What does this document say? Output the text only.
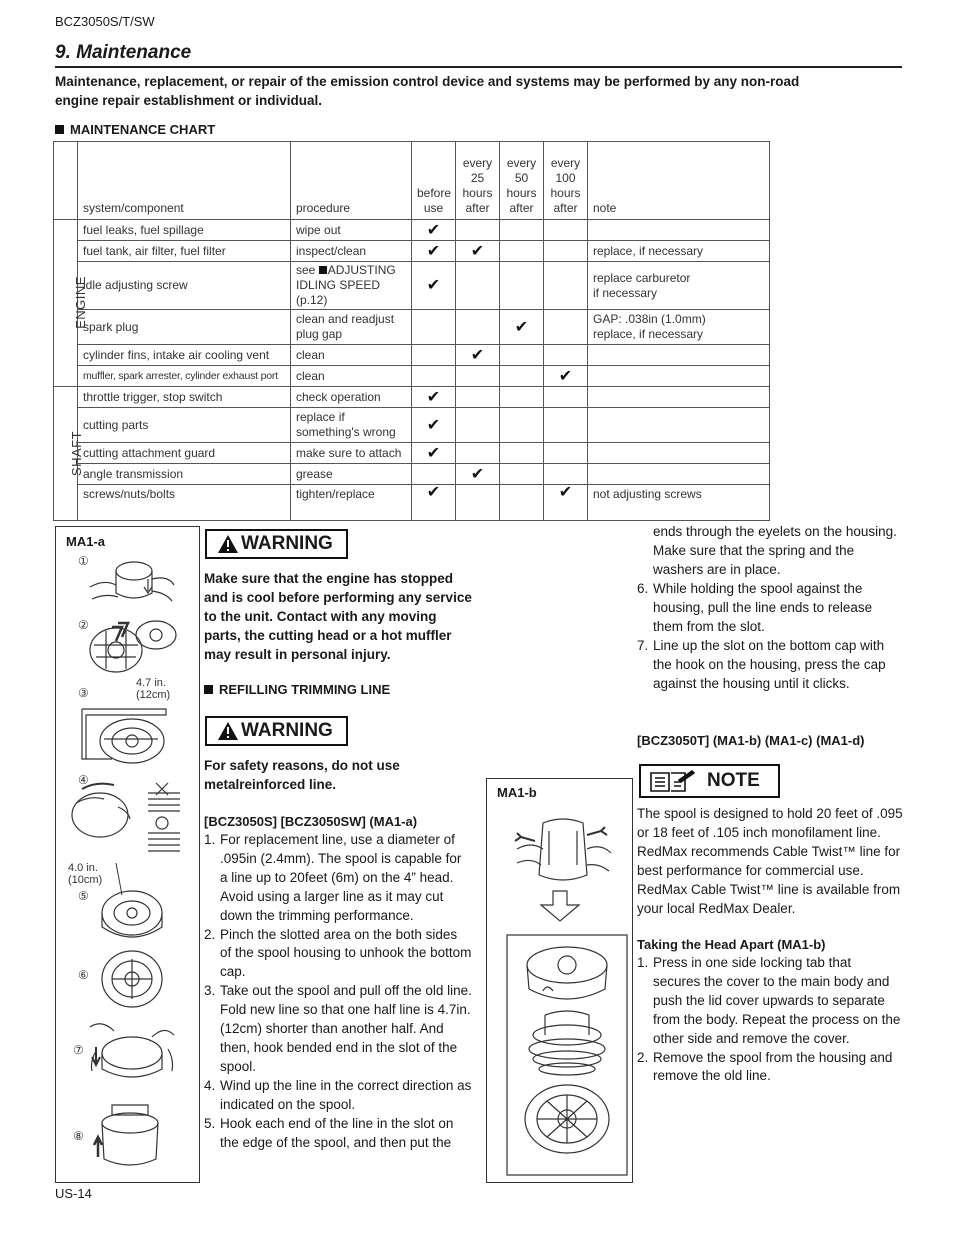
BCZ3050S/T/SW
9. Maintenance
Maintenance, replacement, or repair of the emission control device and systems may be performed by any non-road engine repair establishment or individual.
MAINTENANCE CHART
	system/component	procedure	before
use	every
25
hours
after	every
50
hours
after	every
100
hours
after	note
ENGINE	fuel leaks, fuel spillage	wipe out	✔				
	fuel tank, air filter, fuel filter	inspect/clean	✔	✔			replace, if necessary
	idle adjusting screw	see ADJUSTING
IDLING SPEED (p.12)	✔				replace carburetor
if necessary
	spark plug	clean and readjust
plug gap			✔		GAP: .038in (1.0mm)
replace, if necessary
	cylinder fins, intake air cooling vent	clean		✔			
	muffler, spark arrester, cylinder exhaust port	clean				✔	
SHAFT	throttle trigger, stop switch	check operation	✔				
	cutting parts	replace if
something's wrong	✔				
	cutting attachment guard	make sure to attach	✔				
	angle transmission	grease		✔			
	screws/nuts/bolts	tighten/replace	✔			✔	not adjusting screws
MA1-a
①
②
③
④
⑤
⑥
⑦
⑧
4.7 in.
(12cm)
4.0 in.
(10cm)
WARNING
Make sure that the engine has stopped and is cool before performing any service to the unit. Contact with any moving parts, the cutting head or a hot muffler may result in personal injury.
REFILLING TRIMMING LINE
WARNING
For safety reasons, do not use metalreinforced line.
[BCZ3050S] [BCZ3050SW] (MA1-a)
1. For replacement line, use a diameter of .095in (2.4mm). The spool is capable for a line up to 20feet (6m) on the 4” head. Avoid using a larger line as it may cut down the trimming performance.
2. Pinch the slotted area on the both sides of the spool housing to unhook the bottom cap.
3. Take out the spool and pull off the old line. Fold new line so that one half line is 4.7in.(12cm) shorter than another half. And then, hook bended end in the slot of the spool.
4. Wind up the line in the correct direction as indicated on the spool.
5. Hook each end of the line in the slot on the edge of the spool, and then put the
ends through the eyelets on the housing. Make sure that the spring and the washers are in place.
6. While holding the spool against the housing, pull the line ends to release them from the slot.
7. Line up the slot on the bottom cap with the hook on the housing, press the cap against the housing until it clicks.
[BCZ3050T] (MA1-b) (MA1-c) (MA1-d)
NOTE
The spool is designed to hold 20 feet of .095 or 18 feet of .105 inch monofilament line. RedMax recommends Cable Twist™ line for best performance for commercial use. RedMax Cable Twist™ line is available from your local RedMax Dealer.
Taking the Head Apart (MA1-b)
1. Press in one side locking tab that secures the cover to the main body and push the lid cover upwards to separate from the body. Repeat the process on the other side and remove the cover.
2. Remove the spool from the housing and remove the old line.
MA1-b
US-14
